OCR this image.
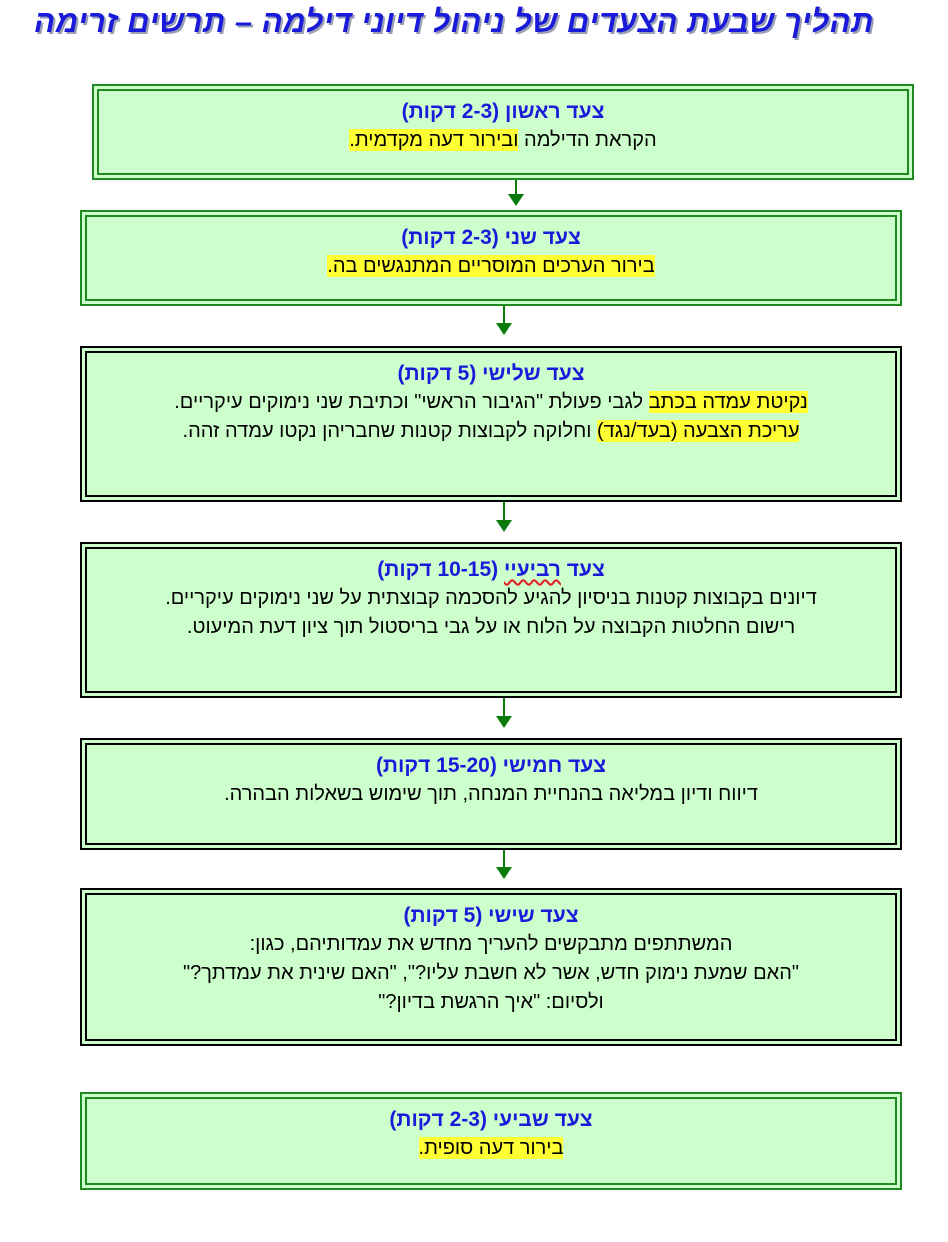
תהליך שבעת הצעדים של ניהול דיוני דילמה – תרשים זרימה
צעד ראשון (2-3 דקות)
הקראת הדילמה ובירור דעה מקדמית.
צעד שני (2-3 דקות)
בירור הערכים המוסריים המתנגשים בה.
צעד שלישי (5 דקות)
נקיטת עמדה בכתב לגבי פעולת "הגיבור הראשי" וכתיבת שני נימוקים עיקריים.
עריכת הצבעה (בעד/נגד) וחלוקה לקבוצות קטנות שחבריהן נקטו עמדה זהה.
צעד רביעיי (10-15 דקות)
דיונים בקבוצות קטנות בניסיון להגיע להסכמה קבוצתית על שני נימוקים עיקריים.
רישום החלטות הקבוצה על הלוח או על גבי בריסטול תוך ציון דעת המיעוט.
צעד חמישי (15-20 דקות)
דיווח ודיון במליאה בהנחיית המנחה, תוך שימוש בשאלות הבהרה.
צעד שישי (5 דקות)
המשתתפים מתבקשים להעריך מחדש את עמדותיהם, כגון:
"האם שמעת נימוק חדש, אשר לא חשבת עליו?", "האם שינית את עמדתך?"
ולסיום: "איך הרגשת בדיון?"
צעד שביעי (2-3 דקות)
בירור דעה סופית.
